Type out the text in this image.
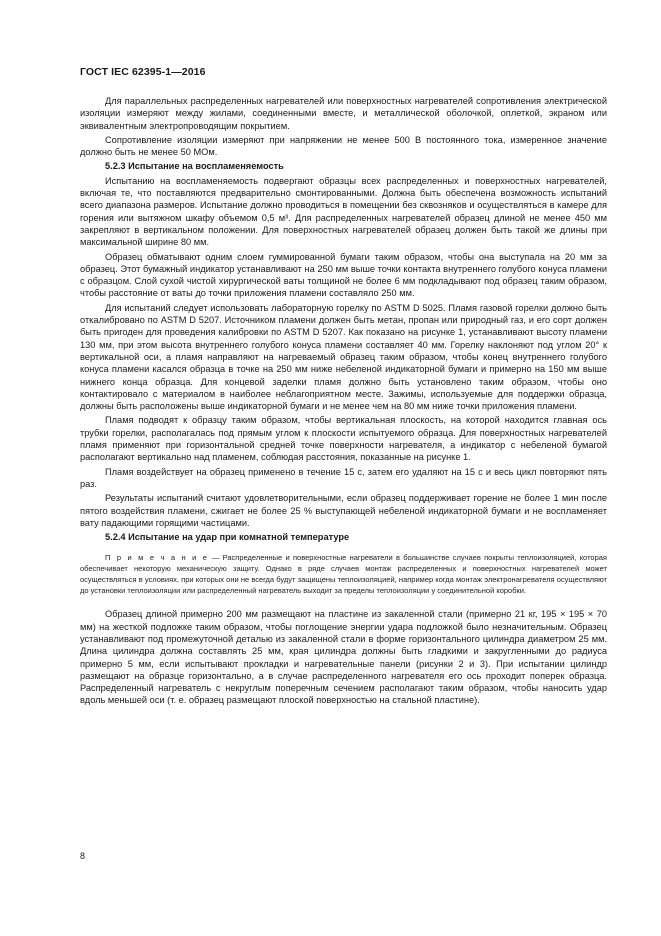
ГОСТ IEC 62395-1—2016

Для параллельных распределенных нагревателей или поверхностных нагревателей сопротивления электрической изоляции измеряют между жилами, соединенными вместе, и металлической оболочкой, оплеткой, экраном или эквивалентным электропроводящим покрытием.

Сопротивление изоляции измеряют при напряжении не менее 500 В постоянного тока, измеренное значение должно быть не менее 50 МОм.

5.2.3 Испытание на воспламеняемость

Испытанию на воспламеняемость подвергают образцы всех распределенных и поверхностных нагревателей, включая те, что поставляются предварительно смонтированными. Должна быть обеспечена возможность испытаний всего диапазона размеров. Испытание должно проводиться в помещении без сквозняков и осуществляться в камере для горения или вытяжном шкафу объемом 0,5 м³. Для распределенных нагревателей образец длиной не менее 450 мм закрепляют в вертикальном положении. Для поверхностных нагревателей образец должен быть такой же длины при максимальной ширине 80 мм.

Образец обматывают одним слоем гуммированной бумаги таким образом, чтобы она выступала на 20 мм за образец. Этот бумажный индикатор устанавливают на 250 мм выше точки контакта внутреннего голубого конуса пламени с образцом. Слой сухой чистой хирургической ваты толщиной не более 6 мм подкладывают под образец таким образом, чтобы расстояние от ваты до точки приложения пламени составляло 250 мм.

Для испытаний следует использовать лабораторную горелку по ASTM D 5025. Пламя газовой горелки должно быть откалибровано по ASTM D 5207. Источником пламени должен быть метан, пропан или природный газ, и его сорт должен быть пригоден для проведения калибровки по ASTM D 5207. Как показано на рисунке 1, устанавливают высоту пламени 130 мм, при этом высота внутреннего голубого конуса пламени составляет 40 мм. Горелку наклоняют под углом 20° к вертикальной оси, а пламя направляют на нагреваемый образец таким образом, чтобы конец внутреннего голубого конуса пламени касался образца в точке на 250 мм ниже небеленой индикаторной бумаги и примерно на 150 мм выше нижнего конца образца. Для концевой заделки пламя должно быть установлено таким образом, чтобы оно контактировало с материалом в наиболее неблагоприятном месте. Зажимы, используемые для поддержки образца, должны быть расположены выше индикаторной бумаги и не менее чем на 80 мм ниже точки приложения пламени.

Пламя подводят к образцу таким образом, чтобы вертикальная плоскость, на которой находится главная ось трубки горелки, располагалась под прямым углом к плоскости испытуемого образца. Для поверхностных нагревателей пламя применяют при горизонтальной средней точке поверхности нагревателя, а индикатор с небеленой бумагой располагают вертикально над пламенем, соблюдая расстояния, показанные на рисунке 1.

Пламя воздействует на образец применено в течение 15 с, затем его удаляют на 15 с и весь цикл повторяют пять раз.

Результаты испытаний считают удовлетворительными, если образец поддерживает горение не более 1 мин после пятого воздействия пламени, сжигает не более 25 % выступающей небеленой индикаторной бумаги и не воспламеняет вату падающими горящими частицами.

5.2.4 Испытание на удар при комнатной температуре

П р и м е ч а н и е — Распределенные и поверхностные нагреватели в большинстве случаев покрыты теплоизоляцией, которая обеспечивает некоторую механическую защиту. Однако в ряде случаев монтаж распределенных и поверхностных нагревателей может осуществляться в условиях, при которых они не всегда будут защищены теплоизоляцией, например когда монтаж электронагревателя осуществляют до установки теплоизоляции или распределенный нагреватель выходит за пределы теплоизоляции у соединительной коробки.

Образец длиной примерно 200 мм размещают на пластине из закаленной стали (примерно 21 кг, 195 × 195 × 70 мм) на жесткой подложке таким образом, чтобы поглощение энергии удара подложкой было незначительным. Образец устанавливают под промежуточной деталью из закаленной стали в форме горизонтального цилиндра диаметром 25 мм. Длина цилиндра должна составлять 25 мм, края цилиндра должны быть гладкими и закругленными до радиуса примерно 5 мм, если испытывают прокладки и нагревательные панели (рисунки 2 и 3). При испытании цилиндр размещают на образце горизонтально, а в случае распределенного нагревателя его ось проходит поперек образца. Распределенный нагреватель с некруглым поперечным сечением располагают таким образом, чтобы наносить удар вдоль меньшей оси (т. е. образец размещают плоской поверхностью на стальной пластине).

8
